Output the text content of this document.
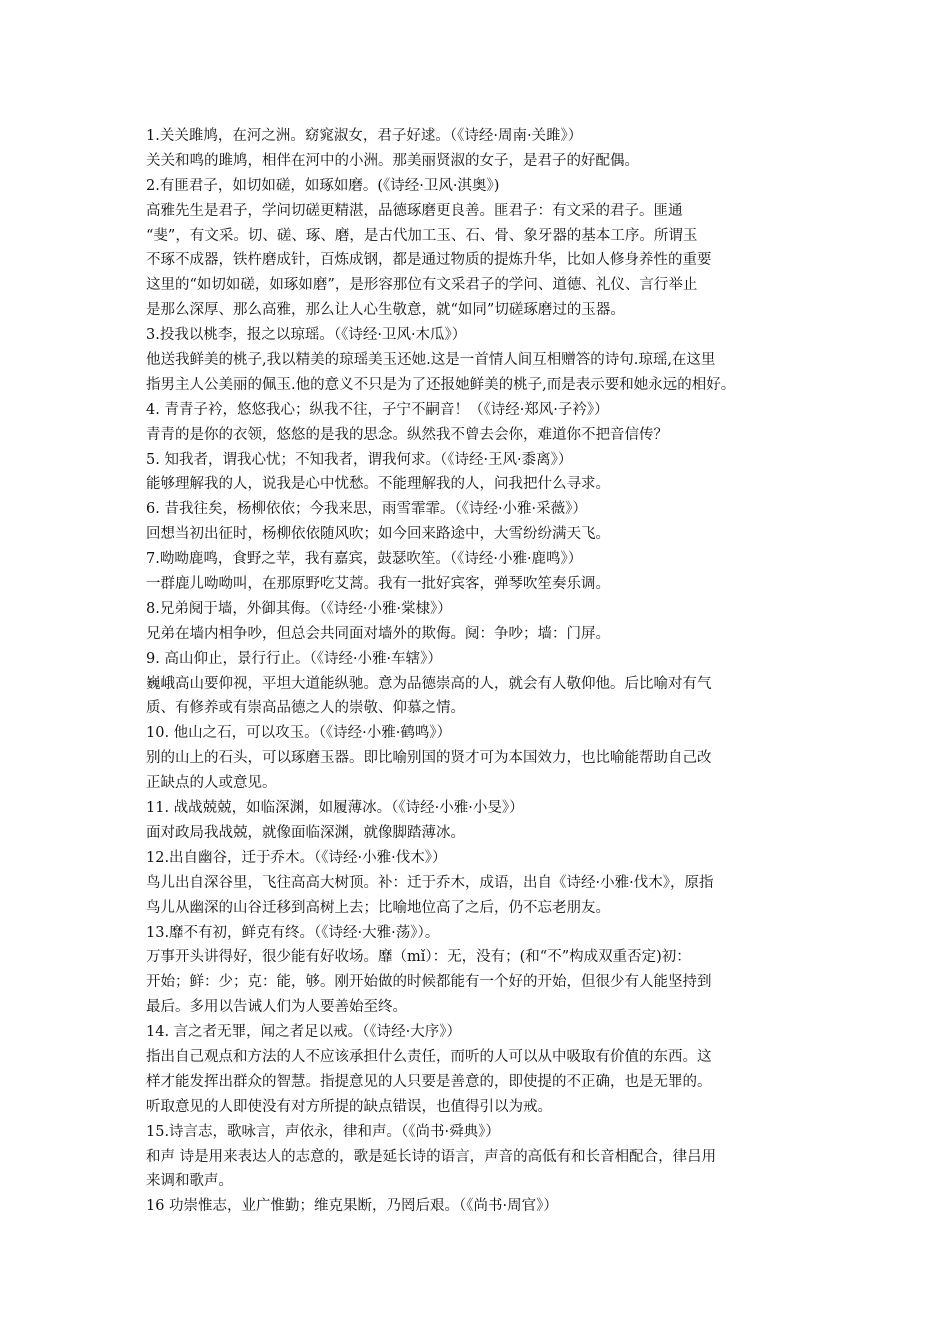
1.关关雎鸠，在河之洲。窈窕淑女，君子好逑。（《诗经·周南·关雎》）
关关和鸣的雎鸠，相伴在河中的小洲。那美丽贤淑的女子，是君子的好配偶。
2.有匪君子，如切如磋，如琢如磨。(《诗经·卫风·淇奥》)
高雅先生是君子，学问切磋更精湛，品德琢磨更良善。匪君子：有文采的君子。匪通
“斐”，有文采。切、磋、琢、磨，是古代加工玉、石、骨、象牙器的基本工序。所谓玉
不琢不成器，铁杵磨成针，百炼成钢，都是通过物质的提炼升华，比如人修身养性的重要
这里的“如切如磋，如琢如磨”，是形容那位有文采君子的学问、道德、礼仪、言行举止
是那么深厚、那么高雅，那么让人心生敬意，就“如同”切磋琢磨过的玉器。
3.投我以桃李，报之以琼瑶。（《诗经·卫风·木瓜》）
他送我鲜美的桃子,我以精美的琼瑶美玉还她.这是一首情人间互相赠答的诗句.琼瑶,在这里
指男主人公美丽的佩玉.他的意义不只是为了还报她鲜美的桃子,而是表示要和她永远的相好。
4. 青青子衿，悠悠我心；纵我不往，子宁不嗣音！（《诗经·郑风·子衿》）
青青的是你的衣领，悠悠的是我的思念。纵然我不曾去会你，难道你不把音信传？
5. 知我者，谓我心忧；不知我者，谓我何求。（《诗经·王风·黍离》）
能够理解我的人，说我是心中忧愁。不能理解我的人，问我把什么寻求。
6. 昔我往矣，杨柳依依；今我来思，雨雪霏霏。（《诗经·小雅·采薇》）
回想当初出征时，杨柳依依随风吹；如今回来路途中，大雪纷纷满天飞。
7.呦呦鹿鸣，食野之苹，我有嘉宾，鼓瑟吹笙。（《诗经·小雅·鹿鸣》）
一群鹿儿呦呦叫，在那原野吃艾蒿。我有一批好宾客，弹琴吹笙奏乐调。
8.兄弟阋于墙，外御其侮。（《诗经·小雅·棠棣》）
兄弟在墙内相争吵，但总会共同面对墙外的欺侮。阋：争吵；墙：门屏。
9. 高山仰止，景行行止。（《诗经·小雅·车辖》）
巍峨高山要仰视，平坦大道能纵驰。意为品德崇高的人，就会有人敬仰他。后比喻对有气
质、有修养或有崇高品德之人的崇敬、仰慕之情。
10. 他山之石，可以攻玉。（《诗经·小雅·鹤鸣》）
别的山上的石头，可以琢磨玉器。即比喻别国的贤才可为本国效力，也比喻能帮助自己改
正缺点的人或意见。
11. 战战兢兢，如临深渊，如履薄冰。（《诗经·小雅·小旻》）
面对政局我战兢，就像面临深渊，就像脚踏薄冰。
12.出自幽谷，迁于乔木。（《诗经·小雅·伐木》）
鸟儿出自深谷里，飞往高高大树顶。补：迁于乔木，成语，出自《诗经·小雅·伐木》，原指
鸟儿从幽深的山谷迁移到高树上去；比喻地位高了之后，仍不忘老朋友。
13.靡不有初，鲜克有终。（《诗经·大雅·荡》）。
万事开头讲得好，很少能有好收场。靡（mǐ）：无，没有；(和“不”构成双重否定)初：
开始；鲜：少；克：能，够。刚开始做的时候都能有一个好的开始，但很少有人能坚持到
最后。多用以告诫人们为人要善始至终。
14. 言之者无罪，闻之者足以戒。（《诗经·大序》）
指出自己观点和方法的人不应该承担什么责任，而听的人可以从中吸取有价值的东西。这
样才能发挥出群众的智慧。指提意见的人只要是善意的，即使提的不正确，也是无罪的。
听取意见的人即使没有对方所提的缺点错误，也值得引以为戒。
15.诗言志，歌咏言，声依永，律和声。（《尚书·舜典》）
和声 诗是用来表达人的志意的，歌是延长诗的语言，声音的高低有和长音相配合，律吕用
来调和歌声。
16 功崇惟志，业广惟勤；维克果断，乃罔后艰。（《尚书·周官》）
